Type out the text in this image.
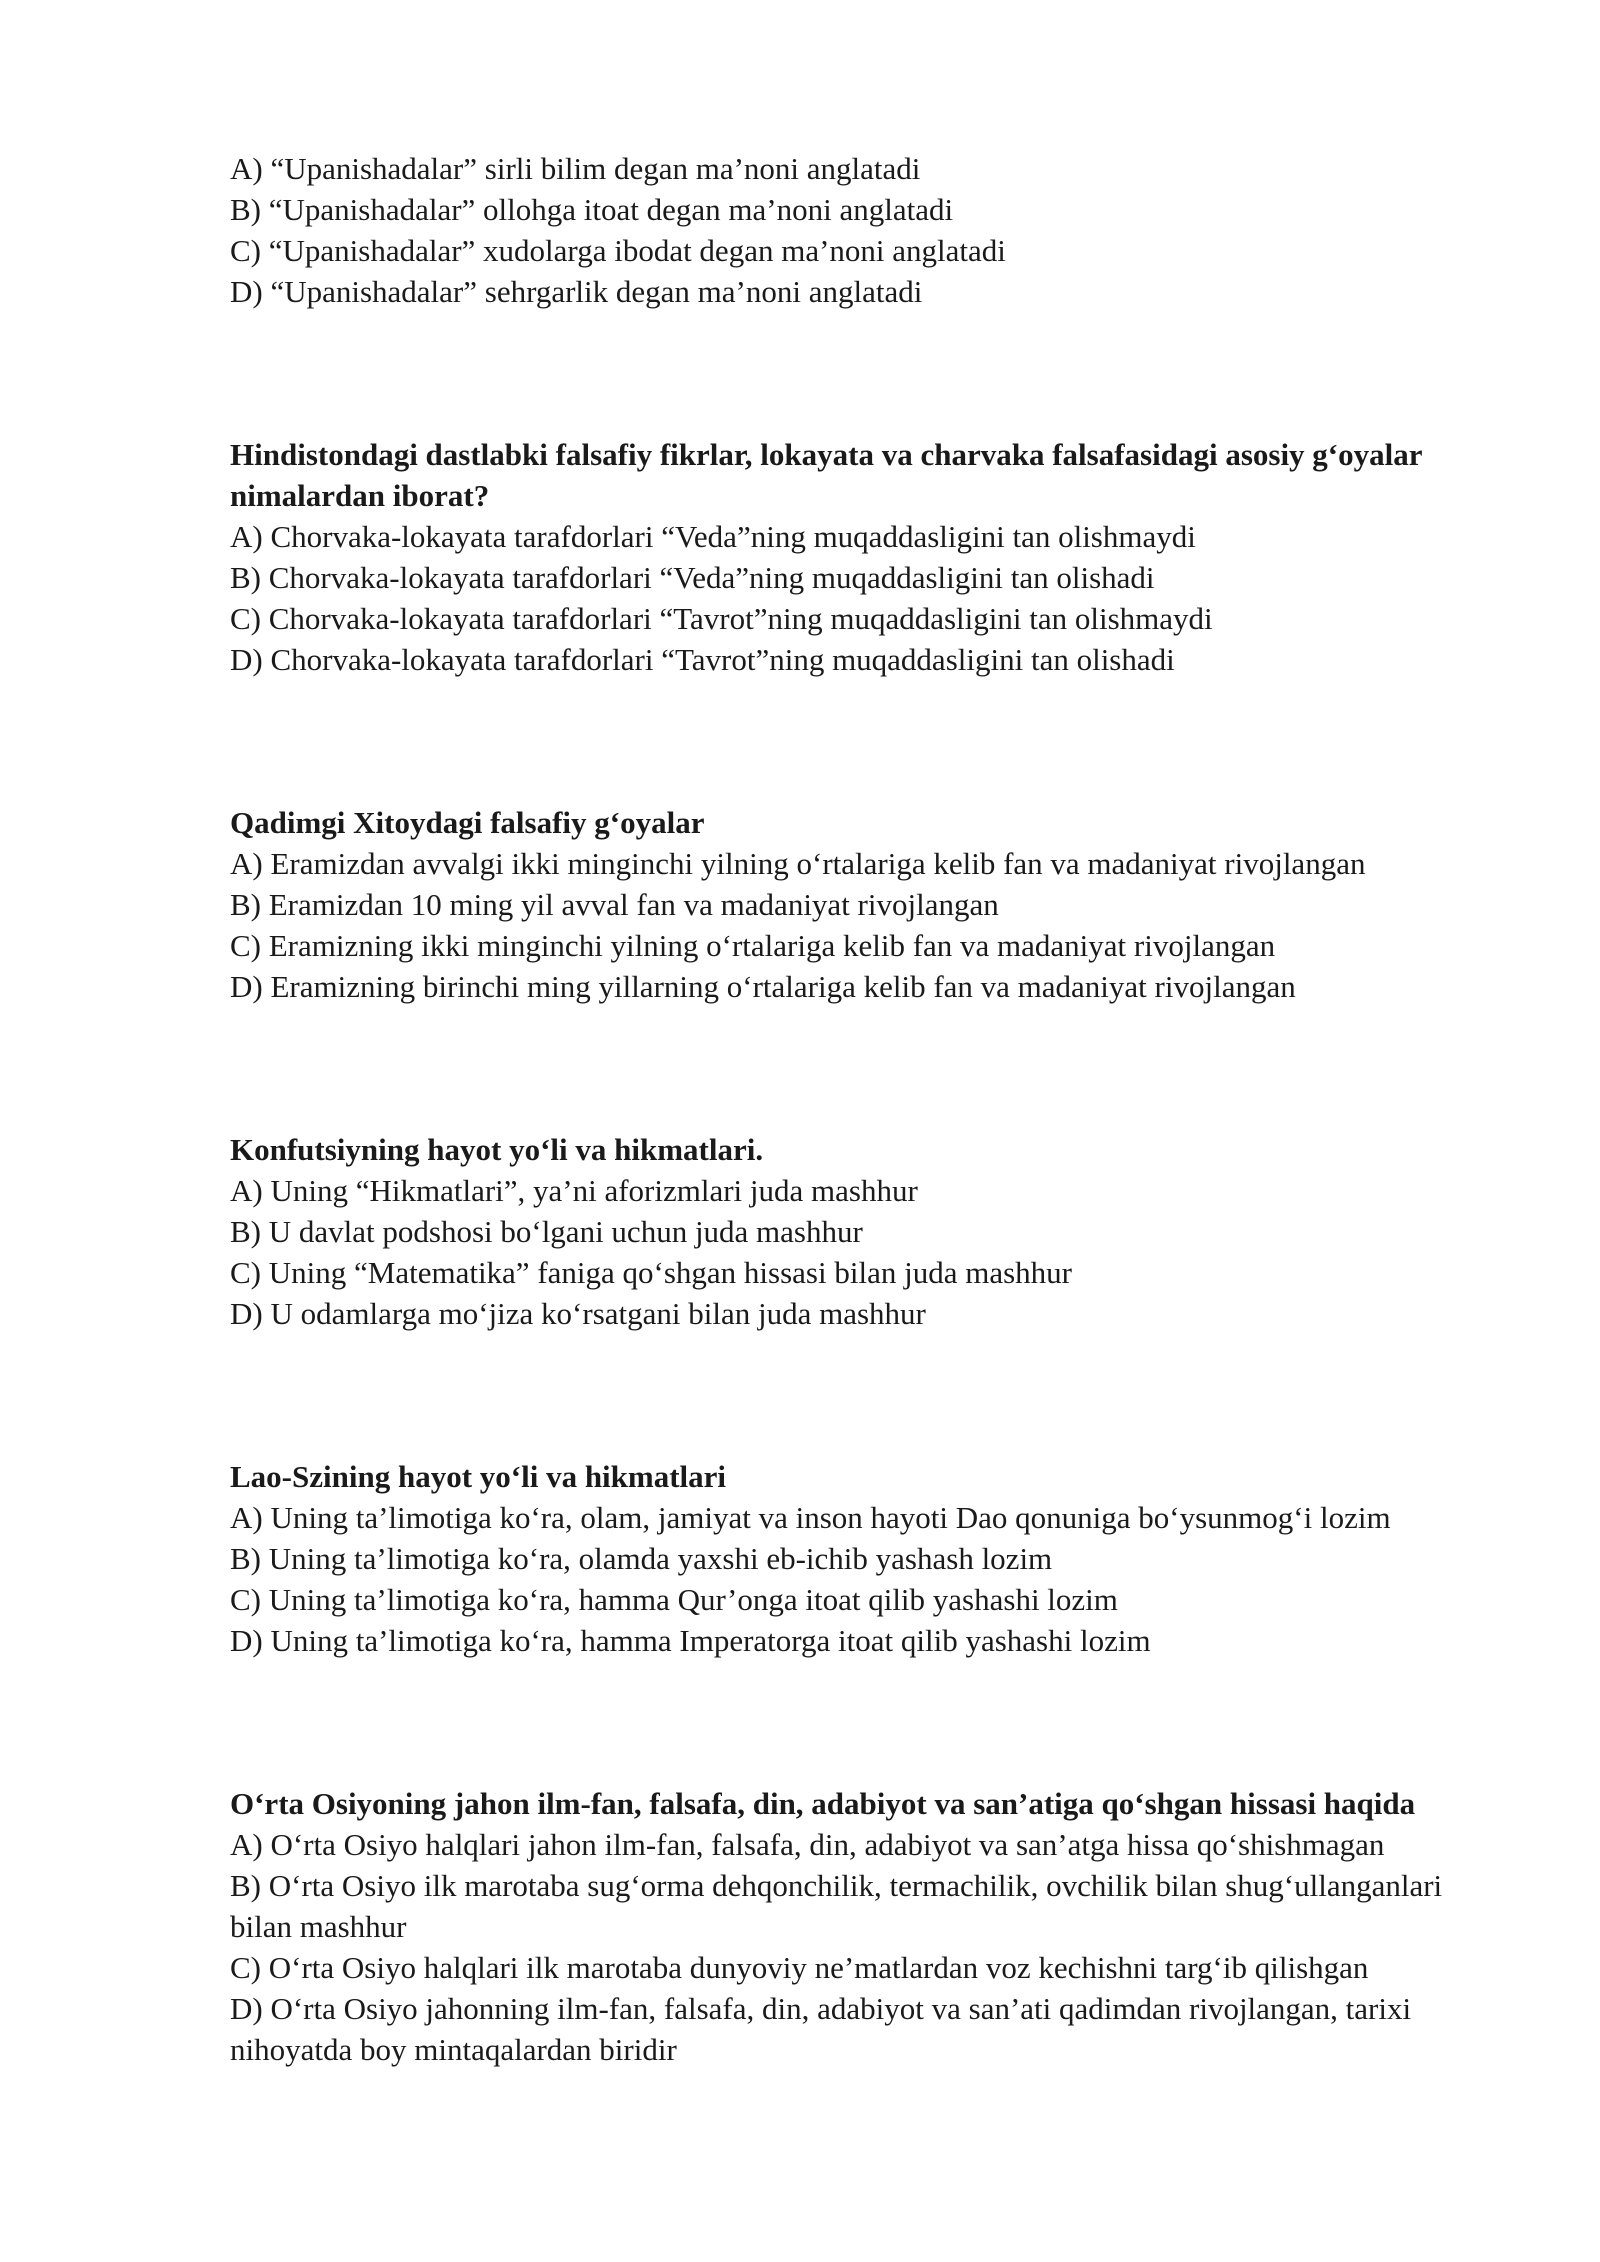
A) “Upanishadalar” sirli bilim degan ma’noni anglatadi

B) “Upanishadalar” ollohga itoat degan ma’noni anglatadi

C) “Upanishadalar” xudolarga ibodat degan ma’noni anglatadi

D) “Upanishadalar” sehrgarlik degan ma’noni anglatadi

Hindistondagi dastlabki falsafiy fikrlar, lokayata va charvaka falsafasidagi asosiy g‘oyalar nimalardan iborat?

A) Chorvaka-lokayata tarafdorlari “Veda”ning muqaddasligini tan olishmaydi

B) Chorvaka-lokayata tarafdorlari “Veda”ning muqaddasligini tan olishadi

C) Chorvaka-lokayata tarafdorlari “Tavrot”ning muqaddasligini tan olishmaydi

D) Chorvaka-lokayata tarafdorlari “Tavrot”ning muqaddasligini tan olishadi

Qadimgi Xitoydagi falsafiy g‘oyalar

A) Eramizdan avvalgi ikki minginchi yilning o‘rtalariga kelib fan va madaniyat rivojlangan

B) Eramizdan 10 ming yil avval fan va madaniyat rivojlangan

C) Eramizning ikki minginchi yilning o‘rtalariga kelib fan va madaniyat rivojlangan

D) Eramizning birinchi ming yillarning o‘rtalariga kelib fan va madaniyat rivojlangan

Konfutsiyning hayot yo‘li va hikmatlari.

A) Uning “Hikmatlari”, ya’ni aforizmlari juda mashhur

B) U davlat podshosi bo‘lgani uchun juda mashhur

C) Uning “Matematika” faniga qo‘shgan hissasi bilan juda mashhur

D) U odamlarga mo‘jiza ko‘rsatgani bilan juda mashhur

Lao-Szining hayot yo‘li va hikmatlari

A) Uning ta’limotiga ko‘ra, olam, jamiyat va inson hayoti Dao qonuniga bo‘ysunmog‘i lozim

B) Uning ta’limotiga ko‘ra, olamda yaxshi eb-ichib yashash lozim

C) Uning ta’limotiga ko‘ra, hamma Qur’onga itoat qilib yashashi lozim

D) Uning ta’limotiga ko‘ra, hamma Imperatorga itoat qilib yashashi lozim

O‘rta Osiyoning jahon ilm-fan, falsafa, din, adabiyot va san’atiga qo‘shgan hissasi haqida

A) O‘rta Osiyo halqlari jahon ilm-fan, falsafa, din, adabiyot va san’atga hissa qo‘shishmagan

B) O‘rta Osiyo ilk marotaba sug‘orma dehqonchilik, termachilik, ovchilik bilan shug‘ullanganlari bilan mashhur

C) O‘rta Osiyo halqlari ilk marotaba dunyoviy ne’matlardan voz kechishni targ‘ib qilishgan

D) O‘rta Osiyo jahonning ilm-fan, falsafa, din, adabiyot va san’ati qadimdan rivojlangan, tarixi nihoyatda boy mintaqalardan biridir
